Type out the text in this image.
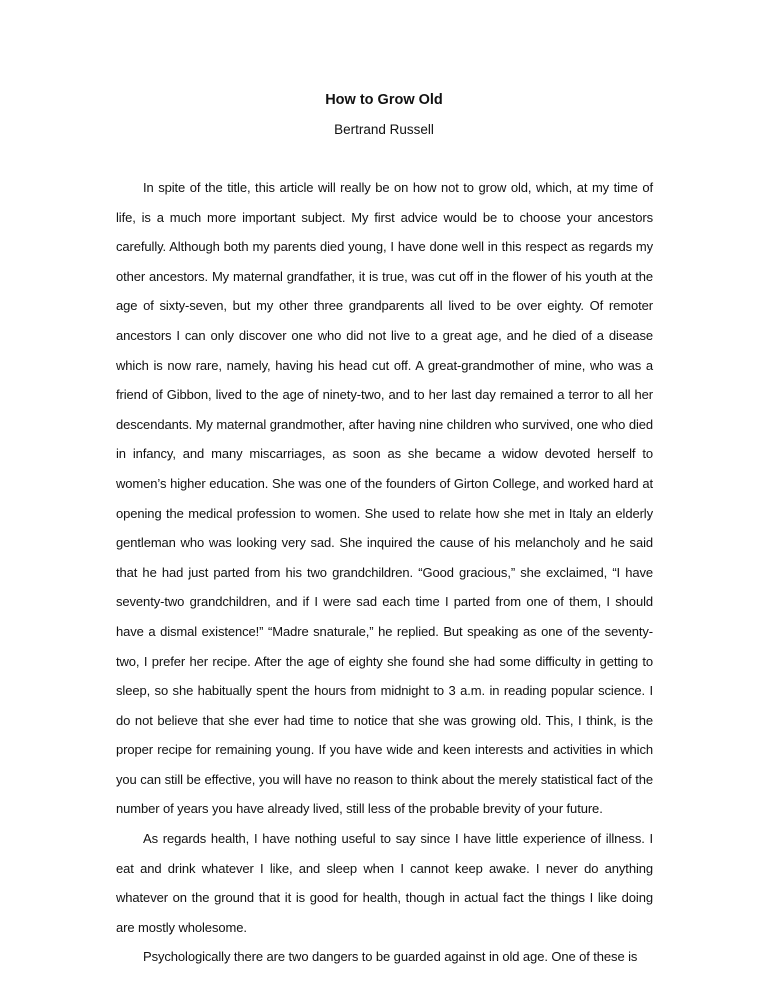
How to Grow Old
Bertrand Russell

In spite of the title, this article will really be on how not to grow old, which, at my time of life, is a much more important subject. My first advice would be to choose your ancestors carefully. Although both my parents died young, I have done well in this respect as regards my other ancestors. My maternal grandfather, it is true, was cut off in the flower of his youth at the age of sixty-seven, but my other three grandparents all lived to be over eighty. Of remoter ancestors I can only discover one who did not live to a great age, and he died of a disease which is now rare, namely, having his head cut off. A great-grandmother of mine, who was a friend of Gibbon, lived to the age of ninety-two, and to her last day remained a terror to all her descendants. My maternal grandmother, after having nine children who survived, one who died in infancy, and many miscarriages, as soon as she became a widow devoted herself to women’s higher education. She was one of the founders of Girton College, and worked hard at opening the medical profession to women. She used to relate how she met in Italy an elderly gentleman who was looking very sad. She inquired the cause of his melancholy and he said that he had just parted from his two grandchildren. “Good gracious,” she exclaimed, “I have seventy-two grandchildren, and if I were sad each time I parted from one of them, I should have a dismal existence!” “Madre snaturale,” he replied. But speaking as one of the seventy-two, I prefer her recipe. After the age of eighty she found she had some difficulty in getting to sleep, so she habitually spent the hours from midnight to 3 a.m. in reading popular science. I do not believe that she ever had time to notice that she was growing old. This, I think, is the proper recipe for remaining young. If you have wide and keen interests and activities in which you can still be effective, you will have no reason to think about the merely statistical fact of the number of years you have already lived, still less of the probable brevity of your future.

As regards health, I have nothing useful to say since I have little experience of illness. I eat and drink whatever I like, and sleep when I cannot keep awake. I never do anything whatever on the ground that it is good for health, though in actual fact the things I like doing are mostly wholesome.

Psychologically there are two dangers to be guarded against in old age. One of these is
